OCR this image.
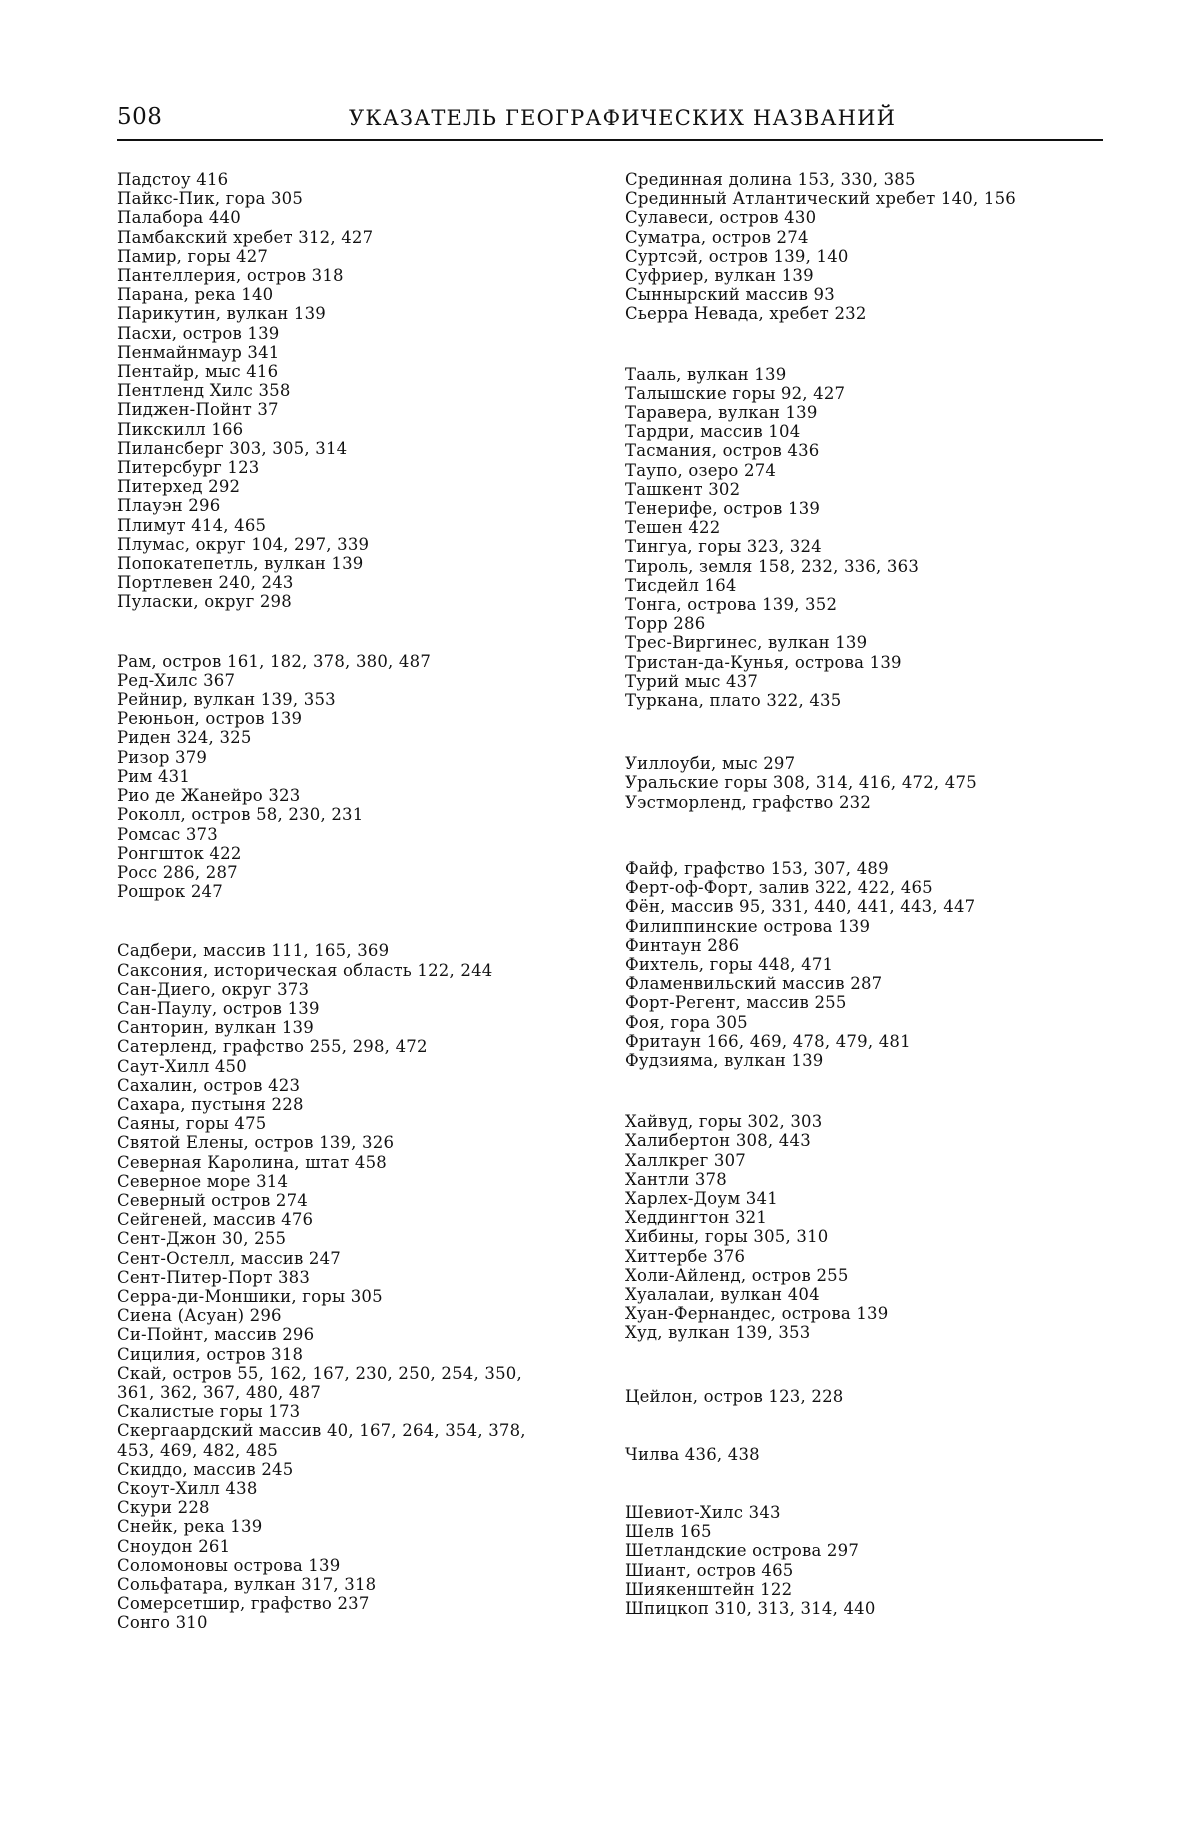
508	УКАЗАТЕЛЬ ГЕОГРАФИЧЕСКИХ НАЗВАНИЙ
Падстоу 416
Пайкс-Пик, гора 305
Палабора 440
Памбакский хребет 312, 427
Памир, горы 427
Пантеллерия, остров 318
Парана, река 140
Парикутин, вулкан 139
Пасхи, остров 139
Пенмайнмаур 341
Пентайр, мыс 416
Пентленд Хилс 358
Пиджен-Пойнт 37
Пикскилл 166
Пилансберг 303, 305, 314
Питерсбург 123
Питерхед 292
Плауэн 296
Плимут 414, 465
Плумас, округ 104, 297, 339
Попокатепетль, вулкан 139
Портлевен 240, 243
Пуласки, округ 298
Рам, остров 161, 182, 378, 380, 487
Ред-Хилс 367
Рейнир, вулкан 139, 353
Реюньон, остров 139
Риден 324, 325
Ризор 379
Рим 431
Рио де Жанейро 323
Роколл, остров 58, 230, 231
Ромсас 373
Ронгшток 422
Росс 286, 287
Рошрок 247
Садбери, массив 111, 165, 369
Саксония, историческая область 122, 244
Сан-Диего, округ 373
Сан-Паулу, остров 139
Санторин, вулкан 139
Сатерленд, графство 255, 298, 472
Саут-Хилл 450
Сахалин, остров 423
Сахара, пустыня 228
Саяны, горы 475
Святой Елены, остров 139, 326
Северная Каролина, штат 458
Северное море 314
Северный остров 274
Сейгеней, массив 476
Сент-Джон 30, 255
Сент-Остелл, массив 247
Сент-Питер-Порт 383
Серра-ди-Моншики, горы 305
Сиена (Асуан) 296
Си-Пойнт, массив 296
Сицилия, остров 318
Скай, остров 55, 162, 167, 230, 250, 254, 350,
361, 362, 367, 480, 487
Скалистые горы 173
Скергаардский массив 40, 167, 264, 354, 378,
453, 469, 482, 485
Скиддо, массив 245
Скоут-Хилл 438
Скури 228
Снейк, река 139
Сноудон 261
Соломоновы острова 139
Сольфатара, вулкан 317, 318
Сомерсетшир, графство 237
Сонго 310
Срединная долина 153, 330, 385
Срединный Атлантический хребет 140, 156
Сулавеси, остров 430
Суматра, остров 274
Суртсэй, остров 139, 140
Суфриер, вулкан 139
Сыннырский массив 93
Сьерра Невада, хребет 232
Тааль, вулкан 139
Талышские горы 92, 427
Таравера, вулкан 139
Тардри, массив 104
Тасмания, остров 436
Таупо, озеро 274
Ташкент 302
Тенерифе, остров 139
Тешен 422
Тингуа, горы 323, 324
Тироль, земля 158, 232, 336, 363
Тисдейл 164
Тонга, острова 139, 352
Торр 286
Трес-Виргинес, вулкан 139
Тристан-да-Кунья, острова 139
Турий мыс 437
Туркана, плато 322, 435
Уиллоуби, мыс 297
Уральские горы 308, 314, 416, 472, 475
Уэстморленд, графство 232
Файф, графство 153, 307, 489
Ферт-оф-Форт, залив 322, 422, 465
Фён, массив 95, 331, 440, 441, 443, 447
Филиппинские острова 139
Финтаун 286
Фихтель, горы 448, 471
Фламенвильский массив 287
Форт-Регент, массив 255
Фоя, гора 305
Фритаун 166, 469, 478, 479, 481
Фудзияма, вулкан 139
Хайвуд, горы 302, 303
Халибертон 308, 443
Халлкрег 307
Хантли 378
Харлех-Доум 341
Хеддингтон 321
Хибины, горы 305, 310
Хиттербе 376
Холи-Айленд, остров 255
Хуалалаи, вулкан 404
Хуан-Фернандес, острова 139
Худ, вулкан 139, 353
Цейлон, остров 123, 228
Чилва 436, 438
Шевиот-Хилс 343
Шелв 165
Шетландские острова 297
Шиант, остров 465
Шиякенштейн 122
Шпицкоп 310, 313, 314, 440
